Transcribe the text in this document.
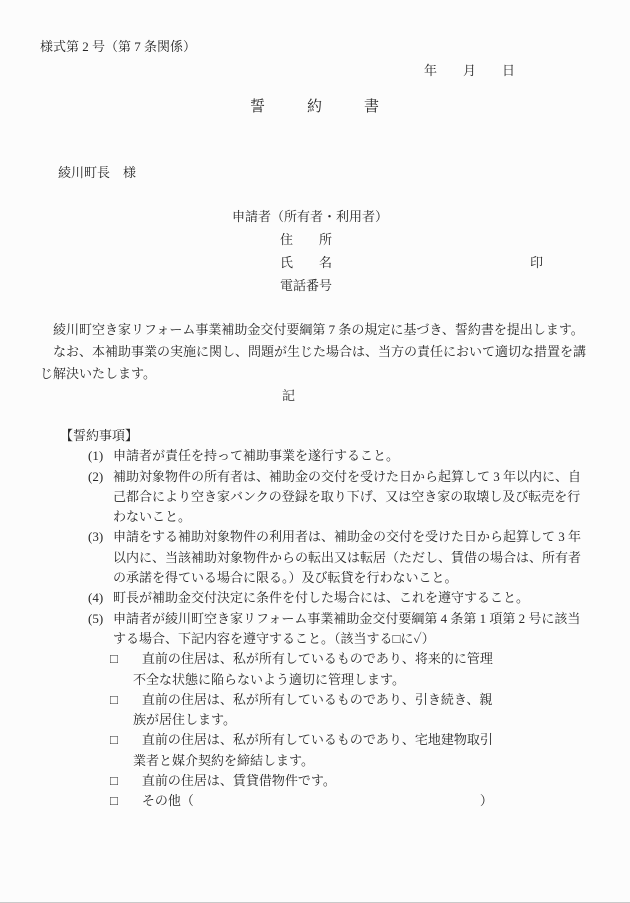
様式第 2 号（第 7 条関係）
年　　月　　日
誓　　約　　書
綾川町長　様
申請者（所有者・利用者）
住　　所
氏　　名	印
電話番号

　綾川町空き家リフォーム事業補助金交付要綱第 7 条の規定に基づき、誓約書を提出します。

　なお、本補助事業の実施に関し、問題が生じた場合は、当方の責任において適切な措置を講じ解決いたします。

記
【誓約事項】
(1) 申請者が責任を持って補助事業を遂行すること。
(2) 補助対象物件の所有者は、補助金の交付を受けた日から起算して 3 年以内に、自己都合により空き家バンクの登録を取り下げ、又は空き家の取壊し及び転売を行わないこと。
(3) 申請をする補助対象物件の利用者は、補助金の交付を受けた日から起算して 3 年以内に、当該補助対象物件からの転出又は転居（ただし、賃借の場合は、所有者の承諾を得ている場合に限る。）及び転貸を行わないこと。
(4) 町長が補助金交付決定に条件を付した場合には、これを遵守すること。
(5) 申請者が綾川町空き家リフォーム事業補助金交付要綱第 4 条第 1 項第 2 号に該当する場合、下記内容を遵守すること。（該当する□に✓）
□ 直前の住居は、私が所有しているものであり、将来的に管理不全な状態に陥らないよう適切に管理します。
□ 直前の住居は、私が所有しているものであり、引き続き、親族が居住します。
□ 直前の住居は、私が所有しているものであり、宅地建物取引業者と媒介契約を締結します。
□ 直前の住居は、賃貸借物件です。
□ その他（　　　　　　　　　　　　　　　　　　　　　　）
